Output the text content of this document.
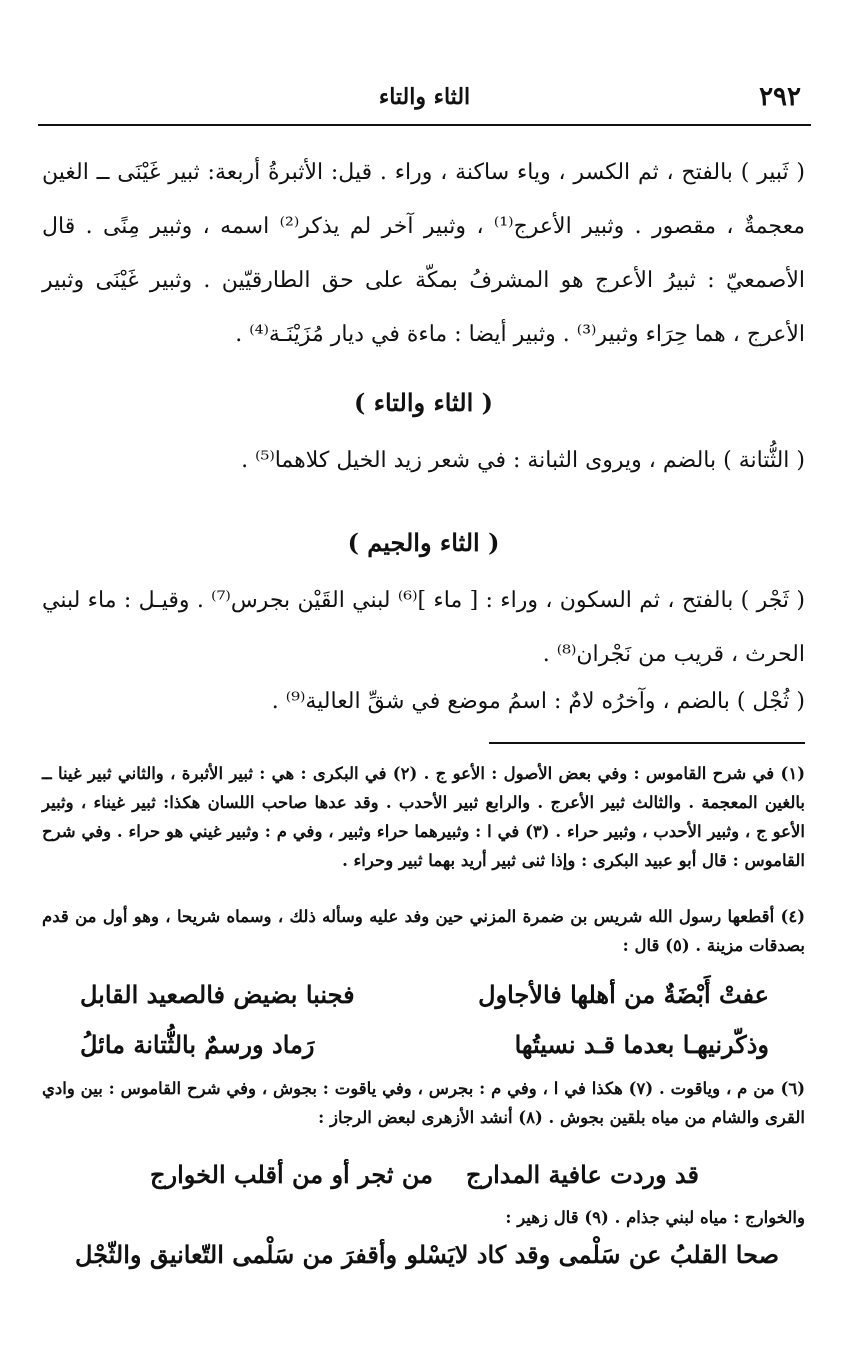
٢٩٢
الثاء والتاء
( ثَبير ) بالفتح ، ثم الكسر ، وياء ساكنة ، وراء . قيل: الأثبرةُ أربعة: ثبير غَيْنَى ــ الغين معجمةٌ ، مقصور . وثبير الأعرج⁽¹⁾ ، وثبير آخر لم يذكر⁽²⁾ اسمه ، وثبير مِنًى . قال الأصمعيّ : ثبيرُ الأعرج هو المشرفُ بمكّة على حق الطارقيّين . وثبير غَيْنَى وثبير الأعرج ، هما حِرَاء وثبير⁽³⁾ . وثبير أيضا : ماءة في ديار مُزَيْنَـة⁽⁴⁾ .
( الثاء والتاء )
( الثُّتانة ) بالضم ، ويروى الثبانة : في شعر زيد الخيل كلاهما⁽⁵⁾ .
( الثاء والجيم )
( ثَجْر ) بالفتح ، ثم السكون ، وراء : [ ماء ]⁽⁶⁾ لبني القَيْن بجرس⁽⁷⁾ . وقيـل : ماء لبني الحرث ، قريب من نَجْران⁽⁸⁾ .
( ثُجْل ) بالضم ، وآخرُه لامٌ : اسمُ موضع في شقِّ العالية⁽⁹⁾ .
(١) في شرح القاموس : وفي بعض الأصول : الأعو ج . (٢) في البكرى : هي : ثبير الأثبرة ، والثاني ثبير غينا ــ بالغين المعجمة . والثالث ثبير الأعرج . والرابع ثبير الأحدب . وقد عدها صاحب اللسان هكذا: ثبير غيناء ، وثبير الأعو ج ، وثبير الأحدب ، وثبير حراء . (٣) في ا : وثبيرهما حراء وثبير ، وفي م : وثبير غيني هو حراء . وفي شرح القاموس : قال أبو عبيد البكرى : وإذا ثنى ثبير أريد بهما ثبير وحراء .
(٤) أقطعها رسول الله شريس بن ضمرة المزني حين وفد عليه وسأله ذلك ، وسماه شريحا ، وهو أول من قدم بصدقات مزينة . (٥) قال :
عفتْ أَبْضَةٌ من أهلها فالأجاول
فجنبا بضيض فالصعيد القابل
وذكّرنيهـا بعدما قـد نسيتُها
رَماد ورسمٌ بالثُّتانة مائلُ
(٦) من م ، وياقوت . (٧) هكذا في ا ، وفي م : بجرس ، وفي ياقوت : بجوش ، وفي شرح القاموس : بين وادي القرى والشام من مياه بلقين بجوش . (٨) أنشد الأزهرى لبعض الرجاز :
قد وردت عافية المدارج
من ثجر أو من أقلب الخوارج
والخوارج : مياه لبني جذام . (٩) قال زهير :
صحا القلبُ عن سَلْمى وقد كاد لايَسْلو
وأقفرَ من سَلْمى التّعانيق والثّجْل
